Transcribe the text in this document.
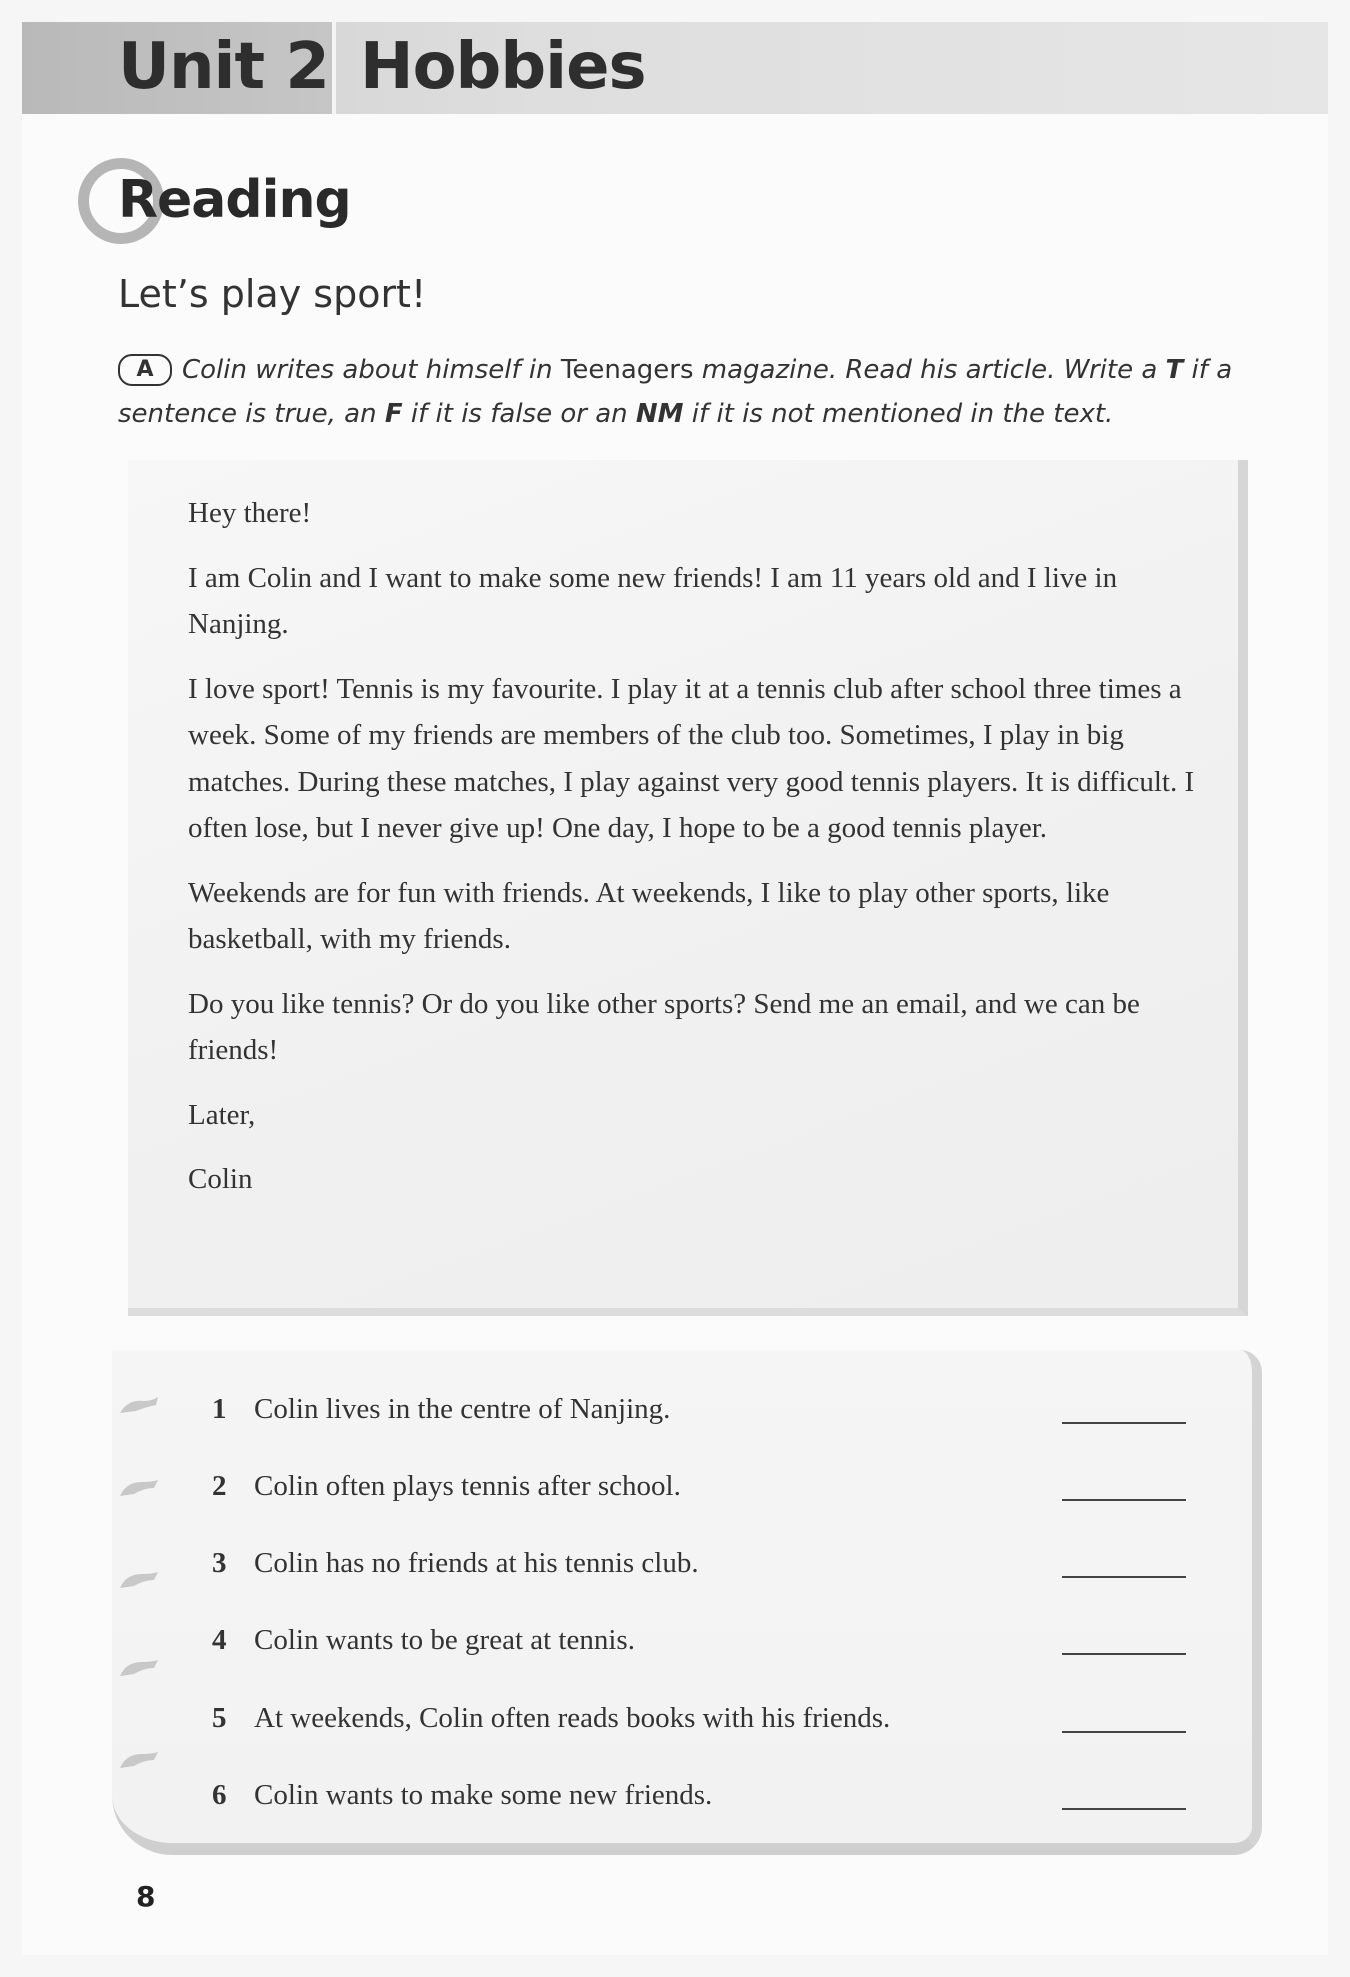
Unit 2 Hobbies
Reading
Let’s play sport!
A Colin writes about himself in Teenagers magazine. Read his article. Write a T if a sentence is true, an F if it is false or an NM if it is not mentioned in the text.

Hey there!

I am Colin and I want to make some new friends! I am 11 years old and I live in Nanjing.

I love sport! Tennis is my favourite. I play it at a tennis club after school three times a week. Some of my friends are members of the club too. Sometimes, I play in big matches. During these matches, I play against very good tennis players. It is difficult. I often lose, but I never give up! One day, I hope to be a good tennis player.

Weekends are for fun with friends. At weekends, I like to play other sports, like basketball, with my friends.

Do you like tennis? Or do you like other sports? Send me an email, and we can be friends!

Later,

Colin

1 Colin lives in the centre of Nanjing.
2 Colin often plays tennis after school.
3 Colin has no friends at his tennis club.
4 Colin wants to be great at tennis.
5 At weekends, Colin often reads books with his friends.
6 Colin wants to make some new friends.
8
